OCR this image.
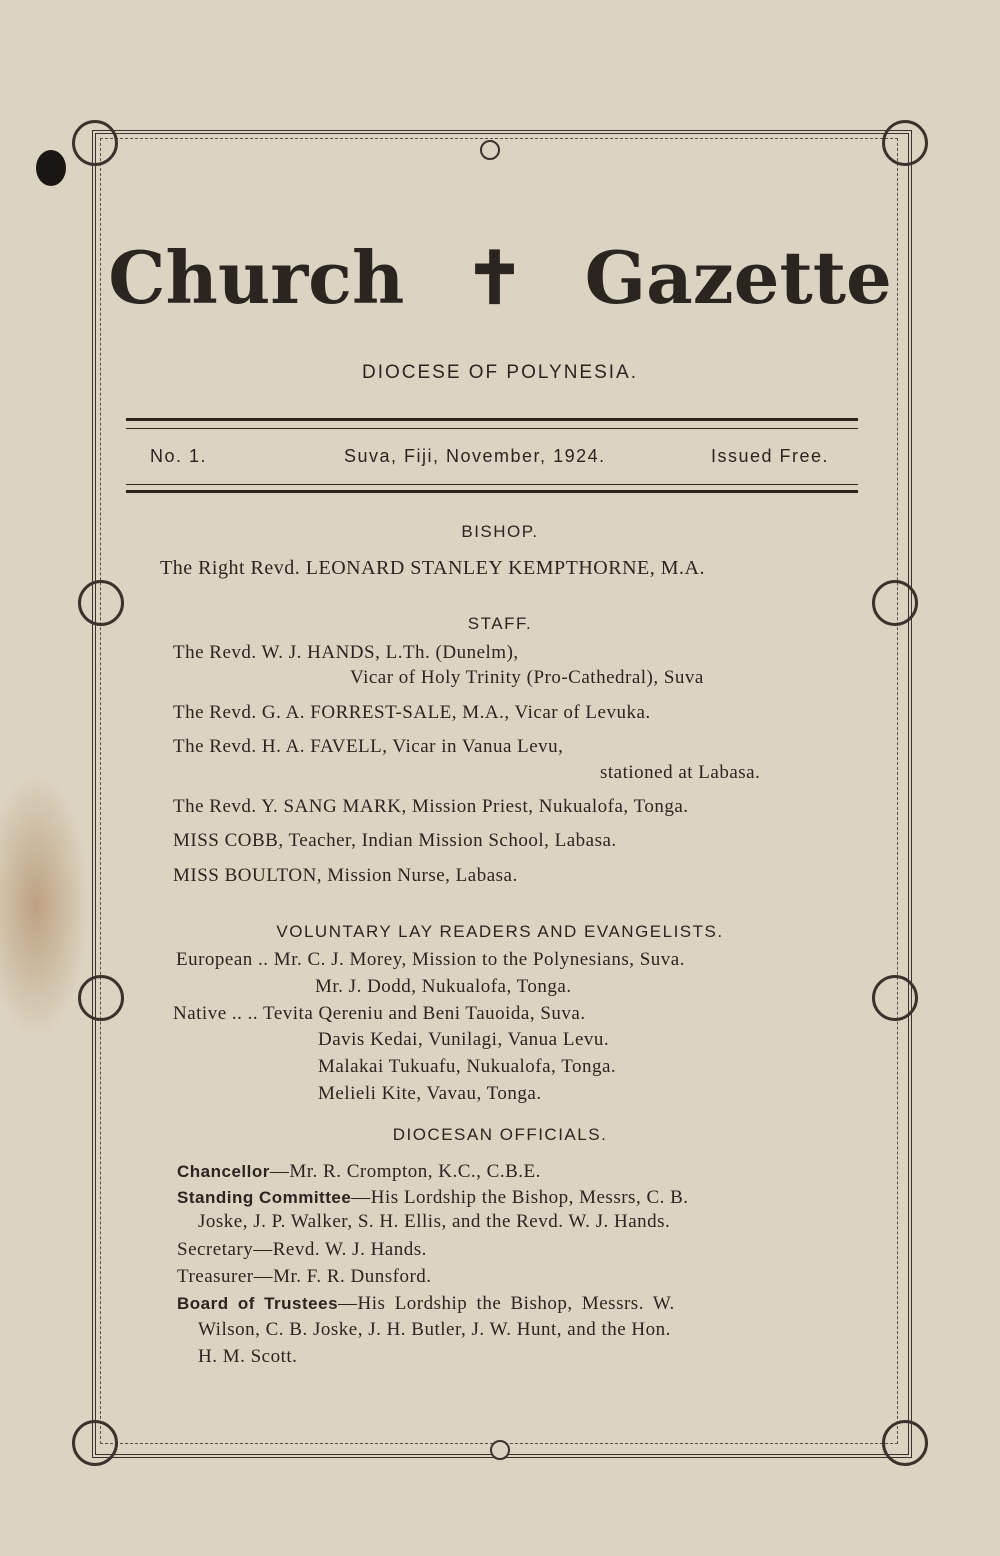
Church ✝ Gazette
DIOCESE OF POLYNESIA.
No. 1.	Suva, Fiji, November, 1924.	Issued Free.
BISHOP.
The Right Revd. LEONARD STANLEY KEMPTHORNE, M.A.
STAFF.
The Revd. W. J. HANDS, L.Th. (Dunelm),
Vicar of Holy Trinity (Pro-Cathedral), Suva
The Revd. G. A. FORREST-SALE, M.A., Vicar of Levuka.
The Revd. H. A. FAVELL, Vicar in Vanua Levu,
stationed at Labasa.
The Revd. Y. SANG MARK, Mission Priest, Nukualofa, Tonga.
MISS COBB, Teacher, Indian Mission School, Labasa.
MISS BOULTON, Mission Nurse, Labasa.
VOLUNTARY LAY READERS AND EVANGELISTS.
European .. Mr. C. J. Morey, Mission to the Polynesians, Suva.
Mr. J. Dodd, Nukualofa, Tonga.
Native .. .. Tevita Qereniu and Beni Tauoida, Suva.
Davis Kedai, Vunilagi, Vanua Levu.
Malakai Tukuafu, Nukualofa, Tonga.
Melieli Kite, Vavau, Tonga.
DIOCESAN OFFICIALS.
Chancellor—Mr. R. Crompton, K.C., C.B.E.
Standing Committee—His Lordship the Bishop, Messrs, C. B.
Joske, J. P. Walker, S. H. Ellis, and the Revd. W. J. Hands.
Secretary—Revd. W. J. Hands.
Treasurer—Mr. F. R. Dunsford.
Board of Trustees—His Lordship the Bishop, Messrs. W.
Wilson, C. B. Joske, J. H. Butler, J. W. Hunt, and the Hon.
H. M. Scott.
